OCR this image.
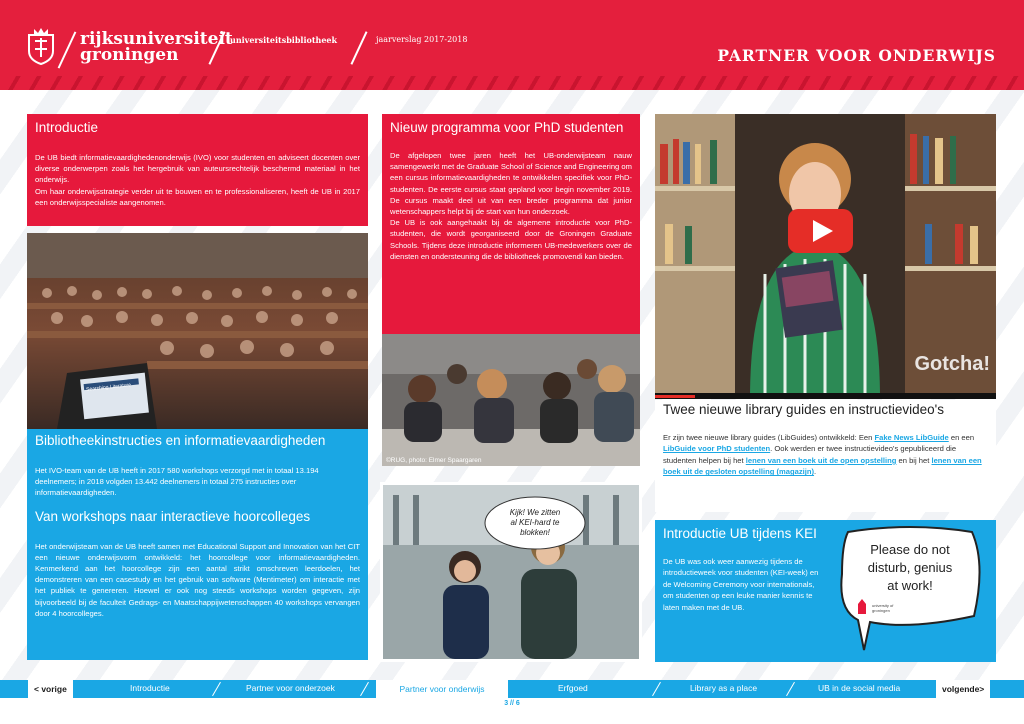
rijksuniversiteit
groningen
universiteitsbibliotheek	jaarverslag 2017-2018
PARTNER VOOR ONDERWIJS
Introductie

De UB biedt informatievaardighedenonderwijs (IVO) voor studenten en adviseert docenten over diverse onderwerpen zoals het hergebruik van auteursrechtelijk beschermd materiaal in het onderwijs.

Om haar onderwijsstrategie verder uit te bouwen en te professionaliseren, heeft de UB in 2017 een onderwijsspecialiste aangenomen.

Searching Literature
Bibliotheekinstructies en informatievaardigheden
Het IVO-team van de UB heeft in 2017 580 workshops verzorgd met in totaal 13.194 deelnemers; in 2018 volgden 13.442 deelnemers in totaal 275 instructies over informatievaardigheden.
Van workshops naar interactieve hoorcolleges
Het onderwijsteam van de UB heeft samen met Educational Support and Innovation van het CIT een nieuwe onderwijsvorm ontwikkeld: het hoorcollege voor informatievaardigheden. Kenmerkend aan het hoorcollege zijn een aantal strikt omschreven leerdoelen, het demonstreren van een casestudy en het gebruik van software (Mentimeter) om interactie met het publiek te genereren. Hoewel er ook nog steeds workshops worden gegeven, zijn bijvoorbeeld bij de faculteit Gedrags- en Maatschappijwetenschappen 40 workshops vervangen door 4 hoorcolleges.
Nieuw programma voor PhD studenten

De afgelopen twee jaren heeft het UB-onderwijsteam nauw samengewerkt met de Graduate School of Science and Engineering om een cursus informatievaardigheden te ontwikkelen specifiek voor PhD-studenten. De eerste cursus staat gepland voor begin november 2019. De cursus maakt deel uit van een breder programma dat junior wetenschappers helpt bij de start van hun onderzoek.

De UB is ook aangehaakt bij de algemene introductie voor PhD-studenten, die wordt georganiseerd door de Groningen Graduate Schools. Tijdens deze introductie informeren UB-medewerkers over de diensten en ondersteuning die de bibliotheek promovendi kan bieden.

©RUG, photo: Elmer Spaargaren
Kijk! We zitten al KEI-hard te blokken!
Gotcha!
Twee nieuwe library guides en instructievideo's
Er zijn twee nieuwe library guides (LibGuides) ontwikkeld: Een Fake News LibGuide en een LibGuide voor PhD studenten. Ook werden er twee instructievideo's gepubliceerd die studenten helpen bij het lenen van een boek uit de open opstelling en bij het lenen van een boek uit de gesloten opstelling (magazijn).
Introductie UB tijdens KEI
De UB was ook weer aanwezig tijdens de introductieweek voor studenten (KEI-week) en de Welcoming Ceremony voor internationals, om studenten op een leuke manier kennis te laten maken met de UB.
Please do not disturb, genius at work!
university of
groningen
< vorige	Introductie	Partner voor onderzoek	Partner voor onderwijs	Erfgoed	Library as a place	UB in de social media	volgende>
3 // 6
